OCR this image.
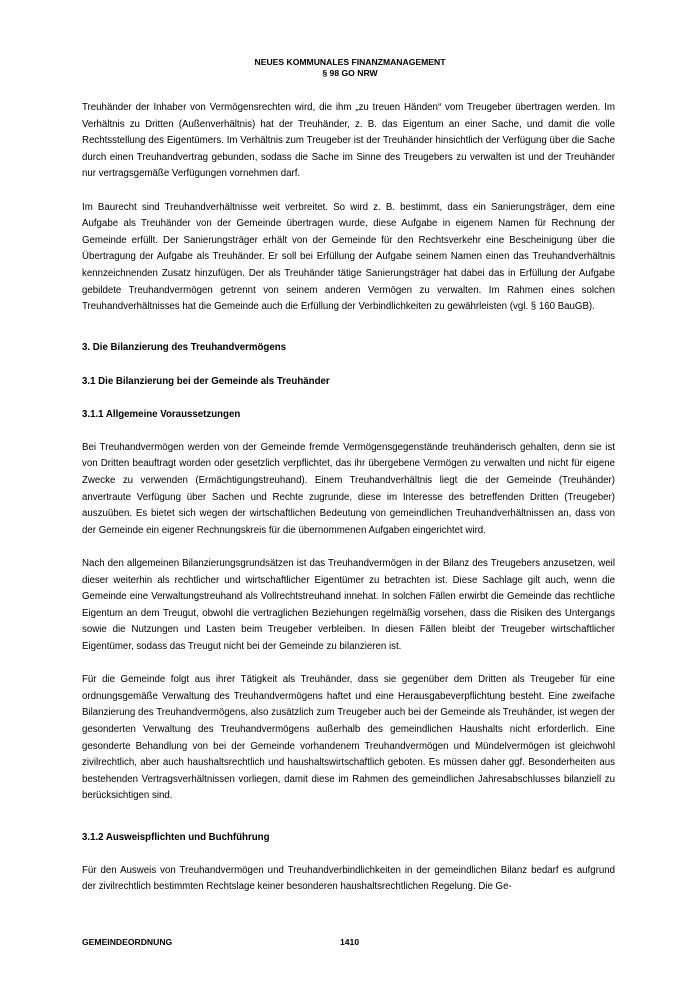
NEUES KOMMUNALES FINANZMANAGEMENT
§ 98 GO NRW

Treuhänder der Inhaber von Vermögensrechten wird, die ihm „zu treuen Händen“ vom Treugeber übertragen werden. Im Verhältnis zu Dritten (Außenverhältnis) hat der Treuhänder, z. B. das Eigentum an einer Sache, und damit die volle Rechtsstellung des Eigentümers. Im Verhältnis zum Treugeber ist der Treuhänder hinsichtlich der Verfügung über die Sache durch einen Treuhandvertrag gebunden, sodass die Sache im Sinne des Treugebers zu verwalten ist und der Treuhänder nur vertragsgemäße Verfügungen vornehmen darf.

Im Baurecht sind Treuhandverhältnisse weit verbreitet. So wird z. B. bestimmt, dass ein Sanierungsträger, dem eine Aufgabe als Treuhänder von der Gemeinde übertragen wurde, diese Aufgabe in eigenem Namen für Rechnung der Gemeinde erfüllt. Der Sanierungsträger erhält von der Gemeinde für den Rechtsverkehr eine Bescheinigung über die Übertragung der Aufgabe als Treuhänder. Er soll bei Erfüllung der Aufgabe seinem Namen einen das Treuhandverhältnis kennzeichnenden Zusatz hinzufügen. Der als Treuhänder tätige Sanierungsträger hat dabei das in Erfüllung der Aufgabe gebildete Treuhandvermögen getrennt von seinem anderen Vermögen zu verwalten. Im Rahmen eines solchen Treuhandverhältnisses hat die Gemeinde auch die Erfüllung der Verbindlichkeiten zu gewährleisten (vgl. § 160 BauGB).

3. Die Bilanzierung des Treuhandvermögens
3.1 Die Bilanzierung bei der Gemeinde als Treuhänder
3.1.1 Allgemeine Voraussetzungen

Bei Treuhandvermögen werden von der Gemeinde fremde Vermögensgegenstände treuhänderisch gehalten, denn sie ist von Dritten beauftragt worden oder gesetzlich verpflichtet, das ihr übergebene Vermögen zu verwalten und nicht für eigene Zwecke zu verwenden (Ermächtigungstreuhand). Einem Treuhandverhältnis liegt die der Gemeinde (Treuhänder) anvertraute Verfügung über Sachen und Rechte zugrunde, diese im Interesse des betreffenden Dritten (Treugeber) auszuüben. Es bietet sich wegen der wirtschaftlichen Bedeutung von gemeindlichen Treuhandverhältnissen an, dass von der Gemeinde ein eigener Rechnungskreis für die übernommenen Aufgaben eingerichtet wird.

Nach den allgemeinen Bilanzierungsgrundsätzen ist das Treuhandvermögen in der Bilanz des Treugebers anzusetzen, weil dieser weiterhin als rechtlicher und wirtschaftlicher Eigentümer zu betrachten ist. Diese Sachlage gilt auch, wenn die Gemeinde eine Verwaltungstreuhand als Vollrechtstreuhand innehat. In solchen Fällen erwirbt die Gemeinde das rechtliche Eigentum an dem Treugut, obwohl die vertraglichen Beziehungen regelmäßig vorsehen, dass die Risiken des Untergangs sowie die Nutzungen und Lasten beim Treugeber verbleiben. In diesen Fällen bleibt der Treugeber wirtschaftlicher Eigentümer, sodass das Treugut nicht bei der Gemeinde zu bilanzieren ist.

Für die Gemeinde folgt aus ihrer Tätigkeit als Treuhänder, dass sie gegenüber dem Dritten als Treugeber für eine ordnungsgemäße Verwaltung des Treuhandvermögens haftet und eine Herausgabeverpflichtung besteht. Eine zweifache Bilanzierung des Treuhandvermögens, also zusätzlich zum Treugeber auch bei der Gemeinde als Treuhänder, ist wegen der gesonderten Verwaltung des Treuhandvermögens außerhalb des gemeindlichen Haushalts nicht erforderlich. Eine gesonderte Behandlung von bei der Gemeinde vorhandenem Treuhandvermögen und Mündelvermögen ist gleichwohl zivilrechtlich, aber auch haushaltsrechtlich und haushaltswirtschaftlich geboten. Es müssen daher ggf. Besonderheiten aus bestehenden Vertragsverhältnissen vorliegen, damit diese im Rahmen des gemeindlichen Jahresabschlusses bilanziell zu berücksichtigen sind.

3.1.2 Ausweispflichten und Buchführung

Für den Ausweis von Treuhandvermögen und Treuhandverbindlichkeiten in der gemeindlichen Bilanz bedarf es aufgrund der zivilrechtlich bestimmten Rechtslage keiner besonderen haushaltsrechtlichen Regelung. Die Ge-

GEMEINDEORDNUNG	1410
